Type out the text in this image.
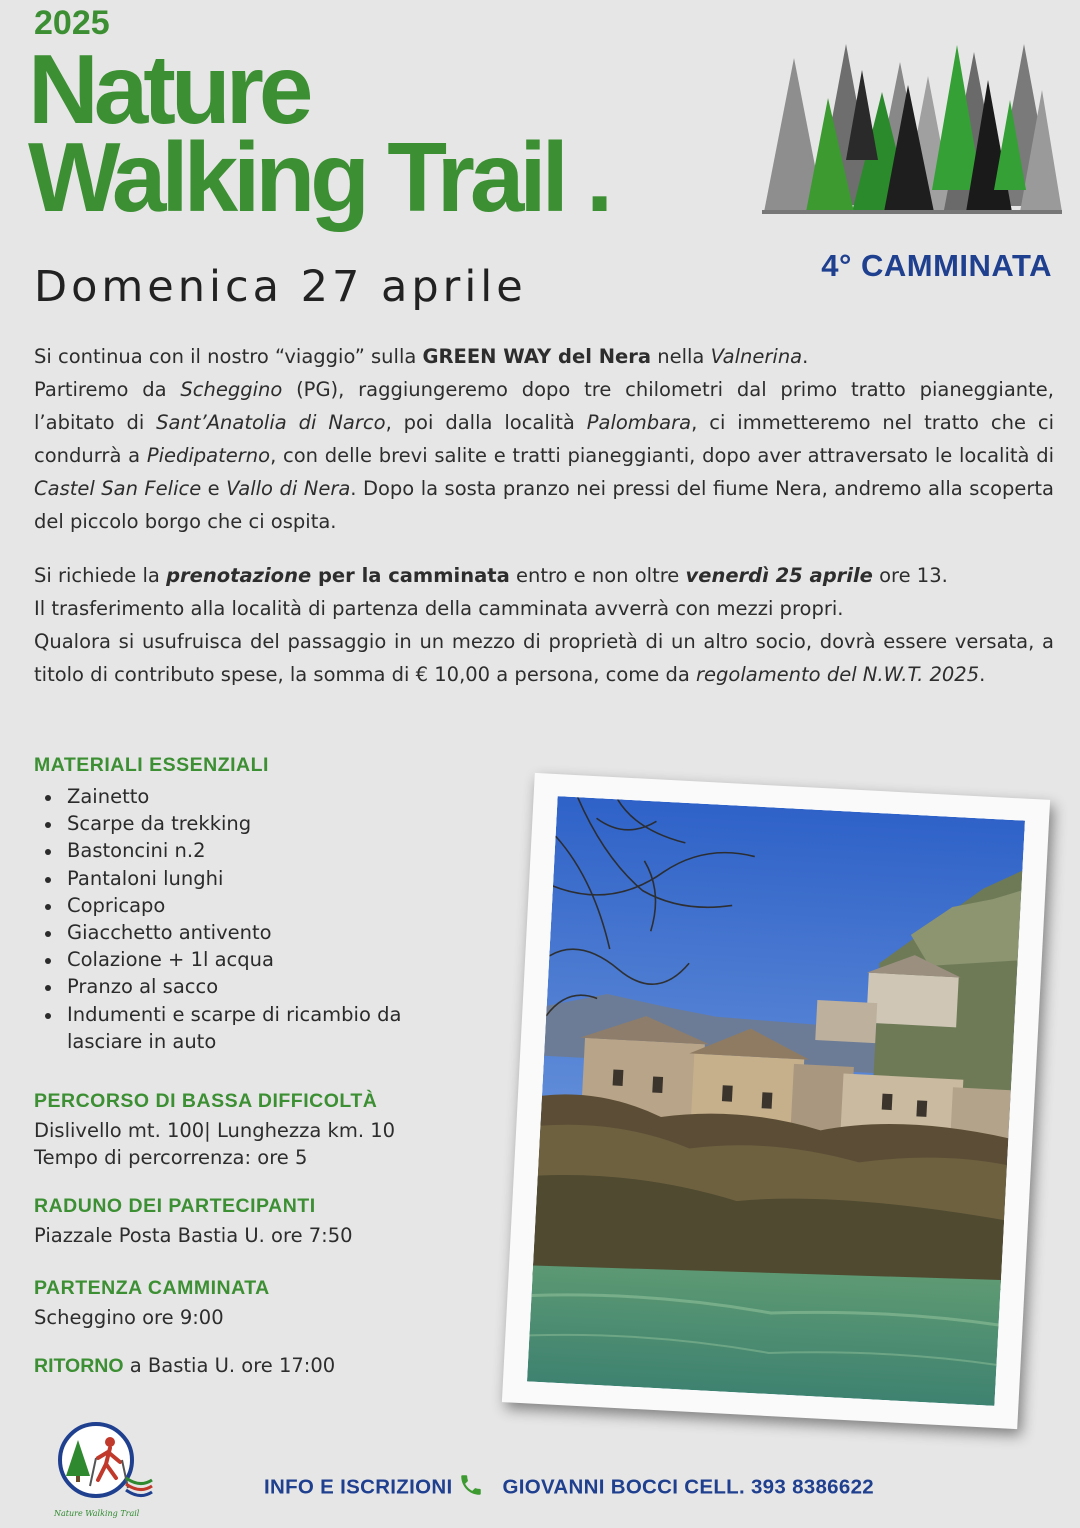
2025
Nature
Walking Trail .
4° CAMMINATA
Domenica 27 aprile
Si continua con il nostro “viaggio” sulla GREEN WAY del Nera nella Valnerina.
Partiremo da Scheggino (PG), raggiungeremo dopo tre chilometri dal primo tratto pianeggiante, l’abitato di Sant’Anatolia di Narco, poi dalla località Palombara, ci immetteremo nel tratto che ci condurrà a Piedipaterno, con delle brevi salite e tratti pianeggianti, dopo aver attraversato le località di Castel San Felice e Vallo di Nera. Dopo la sosta pranzo nei pressi del fiume Nera, andremo alla scoperta del piccolo borgo che ci ospita.
Si richiede la prenotazione per la camminata entro e non oltre venerdì 25 aprile ore 13.
Il trasferimento alla località di partenza della camminata avverrà con mezzi propri.
Qualora si usufruisca del passaggio in un mezzo di proprietà di un altro socio, dovrà essere versata, a titolo di contributo spese, la somma di € 10,00 a persona, come da regolamento del N.W.T. 2025.
MATERIALI ESSENZIALI
Zainetto
Scarpe da trekking
Bastoncini n.2
Pantaloni lunghi
Copricapo
Giacchetto antivento
Colazione + 1l acqua
Pranzo al sacco
Indumenti e scarpe di ricambio da lasciare in auto
PERCORSO DI BASSA DIFFICOLTÀ
Dislivello mt. 100| Lunghezza km. 10
Tempo di percorrenza: ore 5
RADUNO DEI PARTECIPANTI
Piazzale Posta Bastia U. ore 7:50
PARTENZA CAMMINATA
Scheggino ore 9:00
RITORNO a Bastia U. ore 17:00
Nature Walking Trail
INFO E ISCRIZIONI GIOVANNI BOCCI CELL. 393 8386622
